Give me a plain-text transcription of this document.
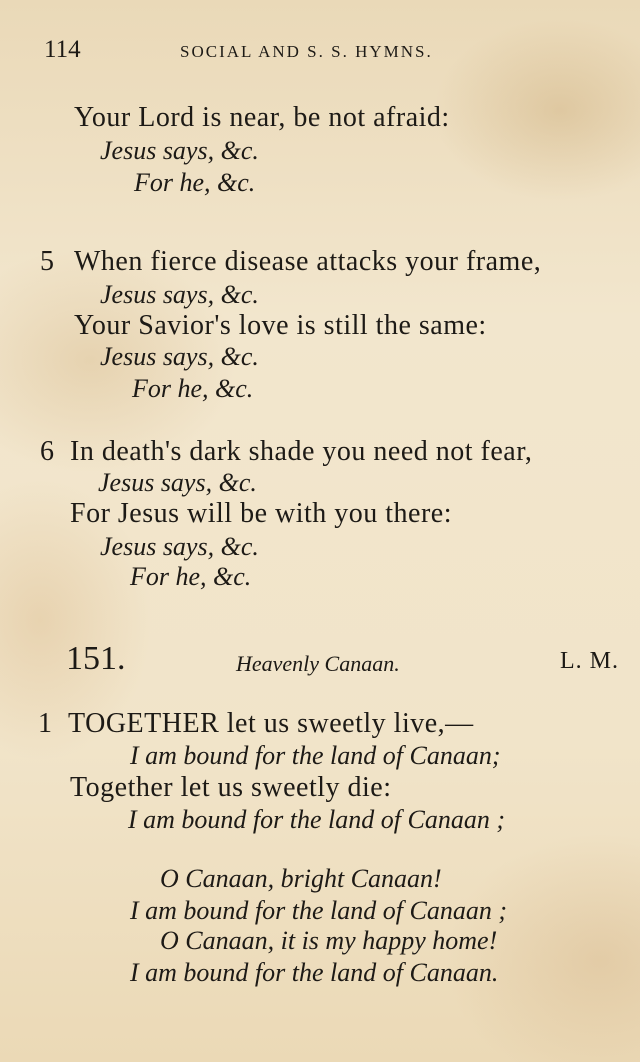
114	SOCIAL AND S. S. HYMNS.
Your Lord is near, be not afraid:
Jesus says, &c.
For he, &c.
5 When fierce disease attacks your frame,
Jesus says, &c.
Your Savior's love is still the same:
Jesus says, &c.
For he, &c.
6 In death's dark shade you need not fear,
Jesus says, &c.
For Jesus will be with you there:
Jesus says, &c.
For he, &c.
151.	Heavenly Canaan.	L. M.
1 TOGETHER let us sweetly live,—
I am bound for the land of Canaan;
Together let us sweetly die:
I am bound for the land of Canaan ;
O Canaan, bright Canaan!
I am bound for the land of Canaan ;
O Canaan, it is my happy home!
I am bound for the land of Canaan.
